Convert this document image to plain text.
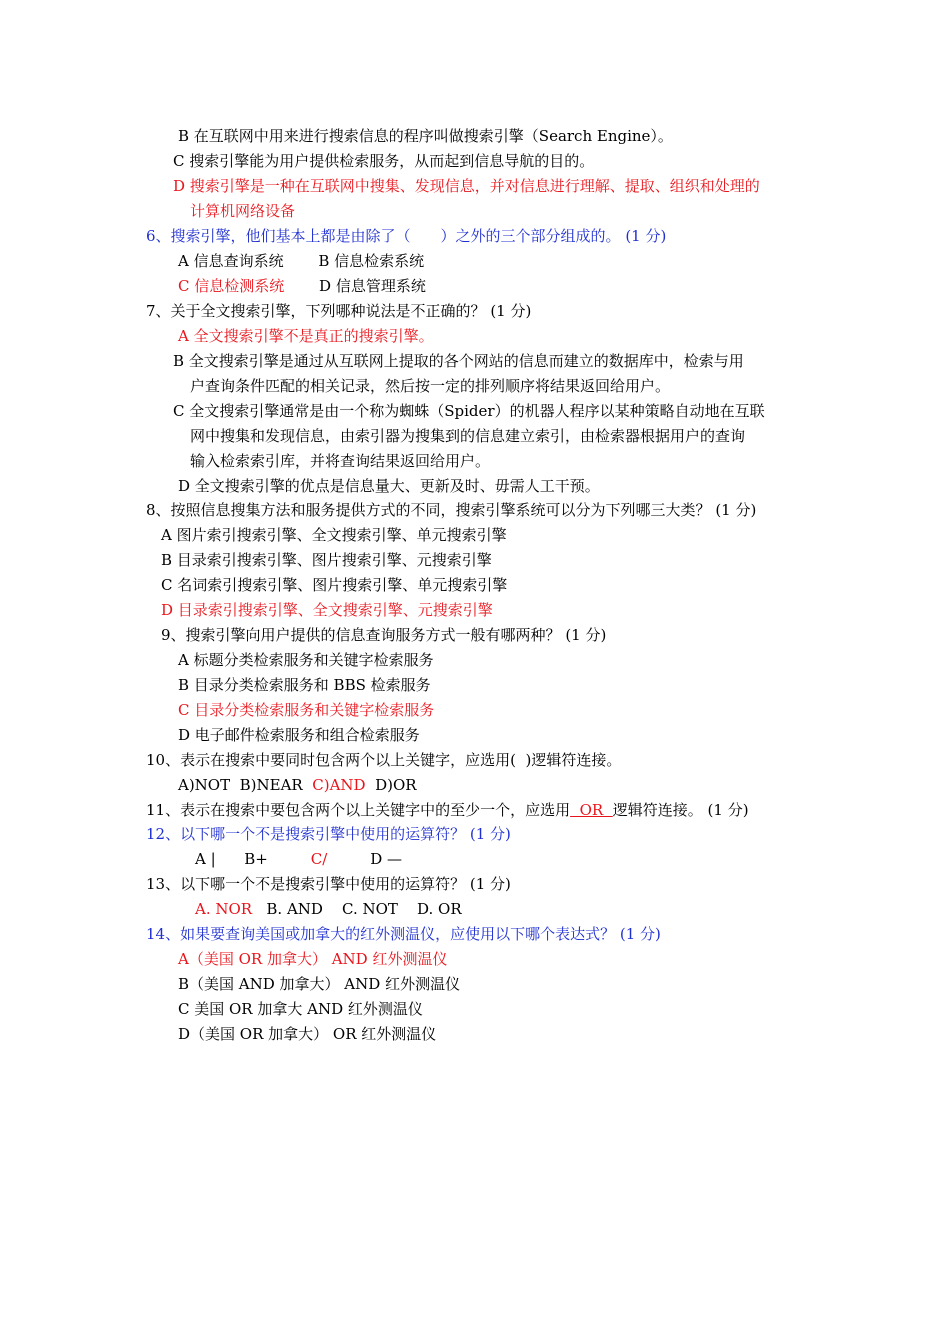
B 在互联网中用来进行搜索信息的程序叫做搜索引擎（Search Engine）。
C 搜索引擎能为用户提供检索服务，从而起到信息导航的目的。
D 搜索引擎是一种在互联网中搜集、发现信息，并对信息进行理解、提取、组织和处理的
计算机网络设备
6、搜索引擎，他们基本上都是由除了（　　）之外的三个部分组成的。 (1 分)
A 信息查询系统　　 B 信息检索系统
C 信息检测系统　　 D 信息管理系统
7、关于全文搜索引擎，下列哪种说法是不正确的？ (1 分)
A 全文搜索引擎不是真正的搜索引擎。
B 全文搜索引擎是通过从互联网上提取的各个网站的信息而建立的数据库中，检索与用
户查询条件匹配的相关记录，然后按一定的排列顺序将结果返回给用户。
C 全文搜索引擎通常是由一个称为蜘蛛（Spider）的机器人程序以某种策略自动地在互联
网中搜集和发现信息，由索引器为搜集到的信息建立索引，由检索器根据用户的查询
输入检索索引库，并将查询结果返回给用户。
D 全文搜索引擎的优点是信息量大、更新及时、毋需人工干预。
8、按照信息搜集方法和服务提供方式的不同，搜索引擎系统可以分为下列哪三大类？ (1 分)
A 图片索引搜索引擎、全文搜索引擎、单元搜索引擎
B 目录索引搜索引擎、图片搜索引擎、元搜索引擎
C 名词索引搜索引擎、图片搜索引擎、单元搜索引擎
D 目录索引搜索引擎、全文搜索引擎、元搜索引擎
9、搜索引擎向用户提供的信息查询服务方式一般有哪两种？ (1 分)
A 标题分类检索服务和关键字检索服务
B 目录分类检索服务和 BBS 检索服务
C 目录分类检索服务和关键字检索服务
D 电子邮件检索服务和组合检索服务
10、表示在搜索中要同时包含两个以上关键字，应选用(  )逻辑符连接。
A)NOT  B)NEAR  C)AND  D)OR
11、表示在搜索中要包含两个以上关键字中的至少一个，应选用  OR  逻辑符连接。 (1 分)
12、以下哪一个不是搜索引擎中使用的运算符？ (1 分)
A |      B+         C/         D —
13、以下哪一个不是搜索引擎中使用的运算符？ (1 分)
A. NOR   B. AND    C. NOT    D. OR
14、如果要查询美国或加拿大的红外测温仪，应使用以下哪个表达式？ (1 分)
A（美国 OR 加拿大） AND 红外测温仪
B（美国 AND 加拿大） AND 红外测温仪
C 美国 OR 加拿大 AND 红外测温仪
D（美国 OR 加拿大） OR 红外测温仪
